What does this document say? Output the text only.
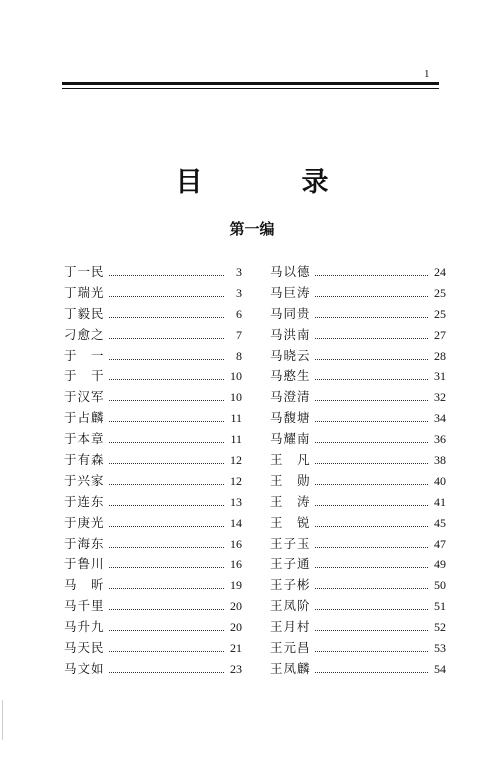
1
目　录
第一编
丁一民	3
丁瑞光	3
丁毅民	6
刁愈之	7
于　一	8
于　干	10
于汉军	10
于占麟	11
于本章	11
于有森	12
于兴家	12
于连东	13
于庚光	14
于海东	16
于鲁川	16
马　昕	19
马千里	20
马升九	20
马天民	21
马文如	23
马以德	24
马巨涛	25
马同贵	25
马洪南	27
马晓云	28
马憨生	31
马澄清	32
马馥塘	34
马耀南	36
王　凡	38
王　勋	40
王　涛	41
王　锐	45
王子玉	47
王子通	49
王子彬	50
王凤阶	51
王月村	52
王元昌	53
王凤麟	54
